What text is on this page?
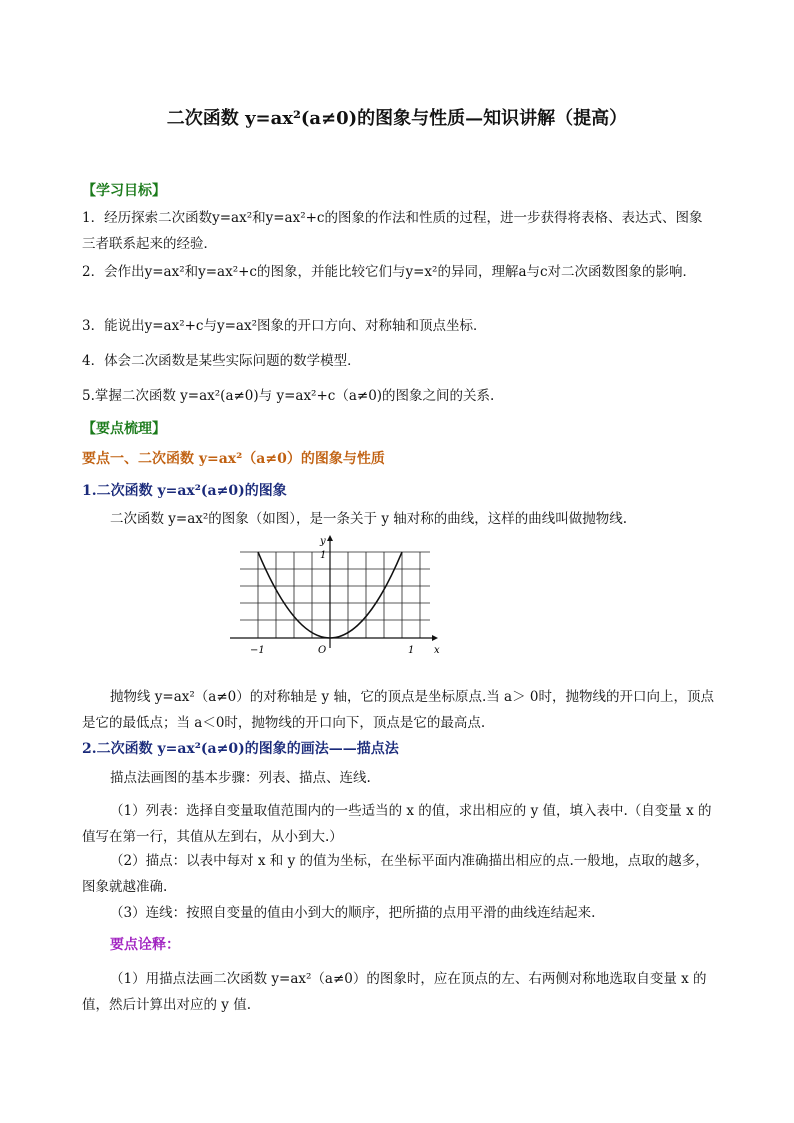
二次函数 y=ax²(a≠0)的图象与性质—知识讲解（提高）
【学习目标】
1．经历探索二次函数y=ax²和y=ax²+c的图象的作法和性质的过程，进一步获得将表格、表达式、图象三者联系起来的经验．
2．会作出y=ax²和y=ax²+c的图象，并能比较它们与y=x²的异同，理解a与c对二次函数图象的影响．
3．能说出y=ax²+c与y=ax²图象的开口方向、对称轴和顶点坐标．
4．体会二次函数是某些实际问题的数学模型．
5.掌握二次函数 y=ax²(a≠0)与 y=ax²+c（a≠0)的图象之间的关系.
【要点梳理】
要点一、二次函数 y=ax²（a≠0）的图象与性质
1.二次函数 y=ax²(a≠0)的图象
二次函数 y=ax²的图象（如图），是一条关于 y 轴对称的曲线，这样的曲线叫做抛物线.
y
1
−1	O	1 x
抛物线 y=ax²（a≠0）的对称轴是 y 轴，它的顶点是坐标原点.当 a＞ 0时，抛物线的开口向上，顶点是它的最低点；当 a＜0时，抛物线的开口向下，顶点是它的最高点.
2.二次函数 y=ax²(a≠0)的图象的画法——描点法
描点法画图的基本步骤：列表、描点、连线.
（1）列表：选择自变量取值范围内的一些适当的 x 的值，求出相应的 y 值，填入表中.（自变量 x 的值写在第一行，其值从左到右，从小到大.）
（2）描点：以表中每对 x 和 y 的值为坐标，在坐标平面内准确描出相应的点.一般地，点取的越多，图象就越准确.
（3）连线：按照自变量的值由小到大的顺序，把所描的点用平滑的曲线连结起来.
要点诠释：
（1）用描点法画二次函数 y=ax²（a≠0）的图象时，应在顶点的左、右两侧对称地选取自变量 x 的值，然后计算出对应的 y 值.
